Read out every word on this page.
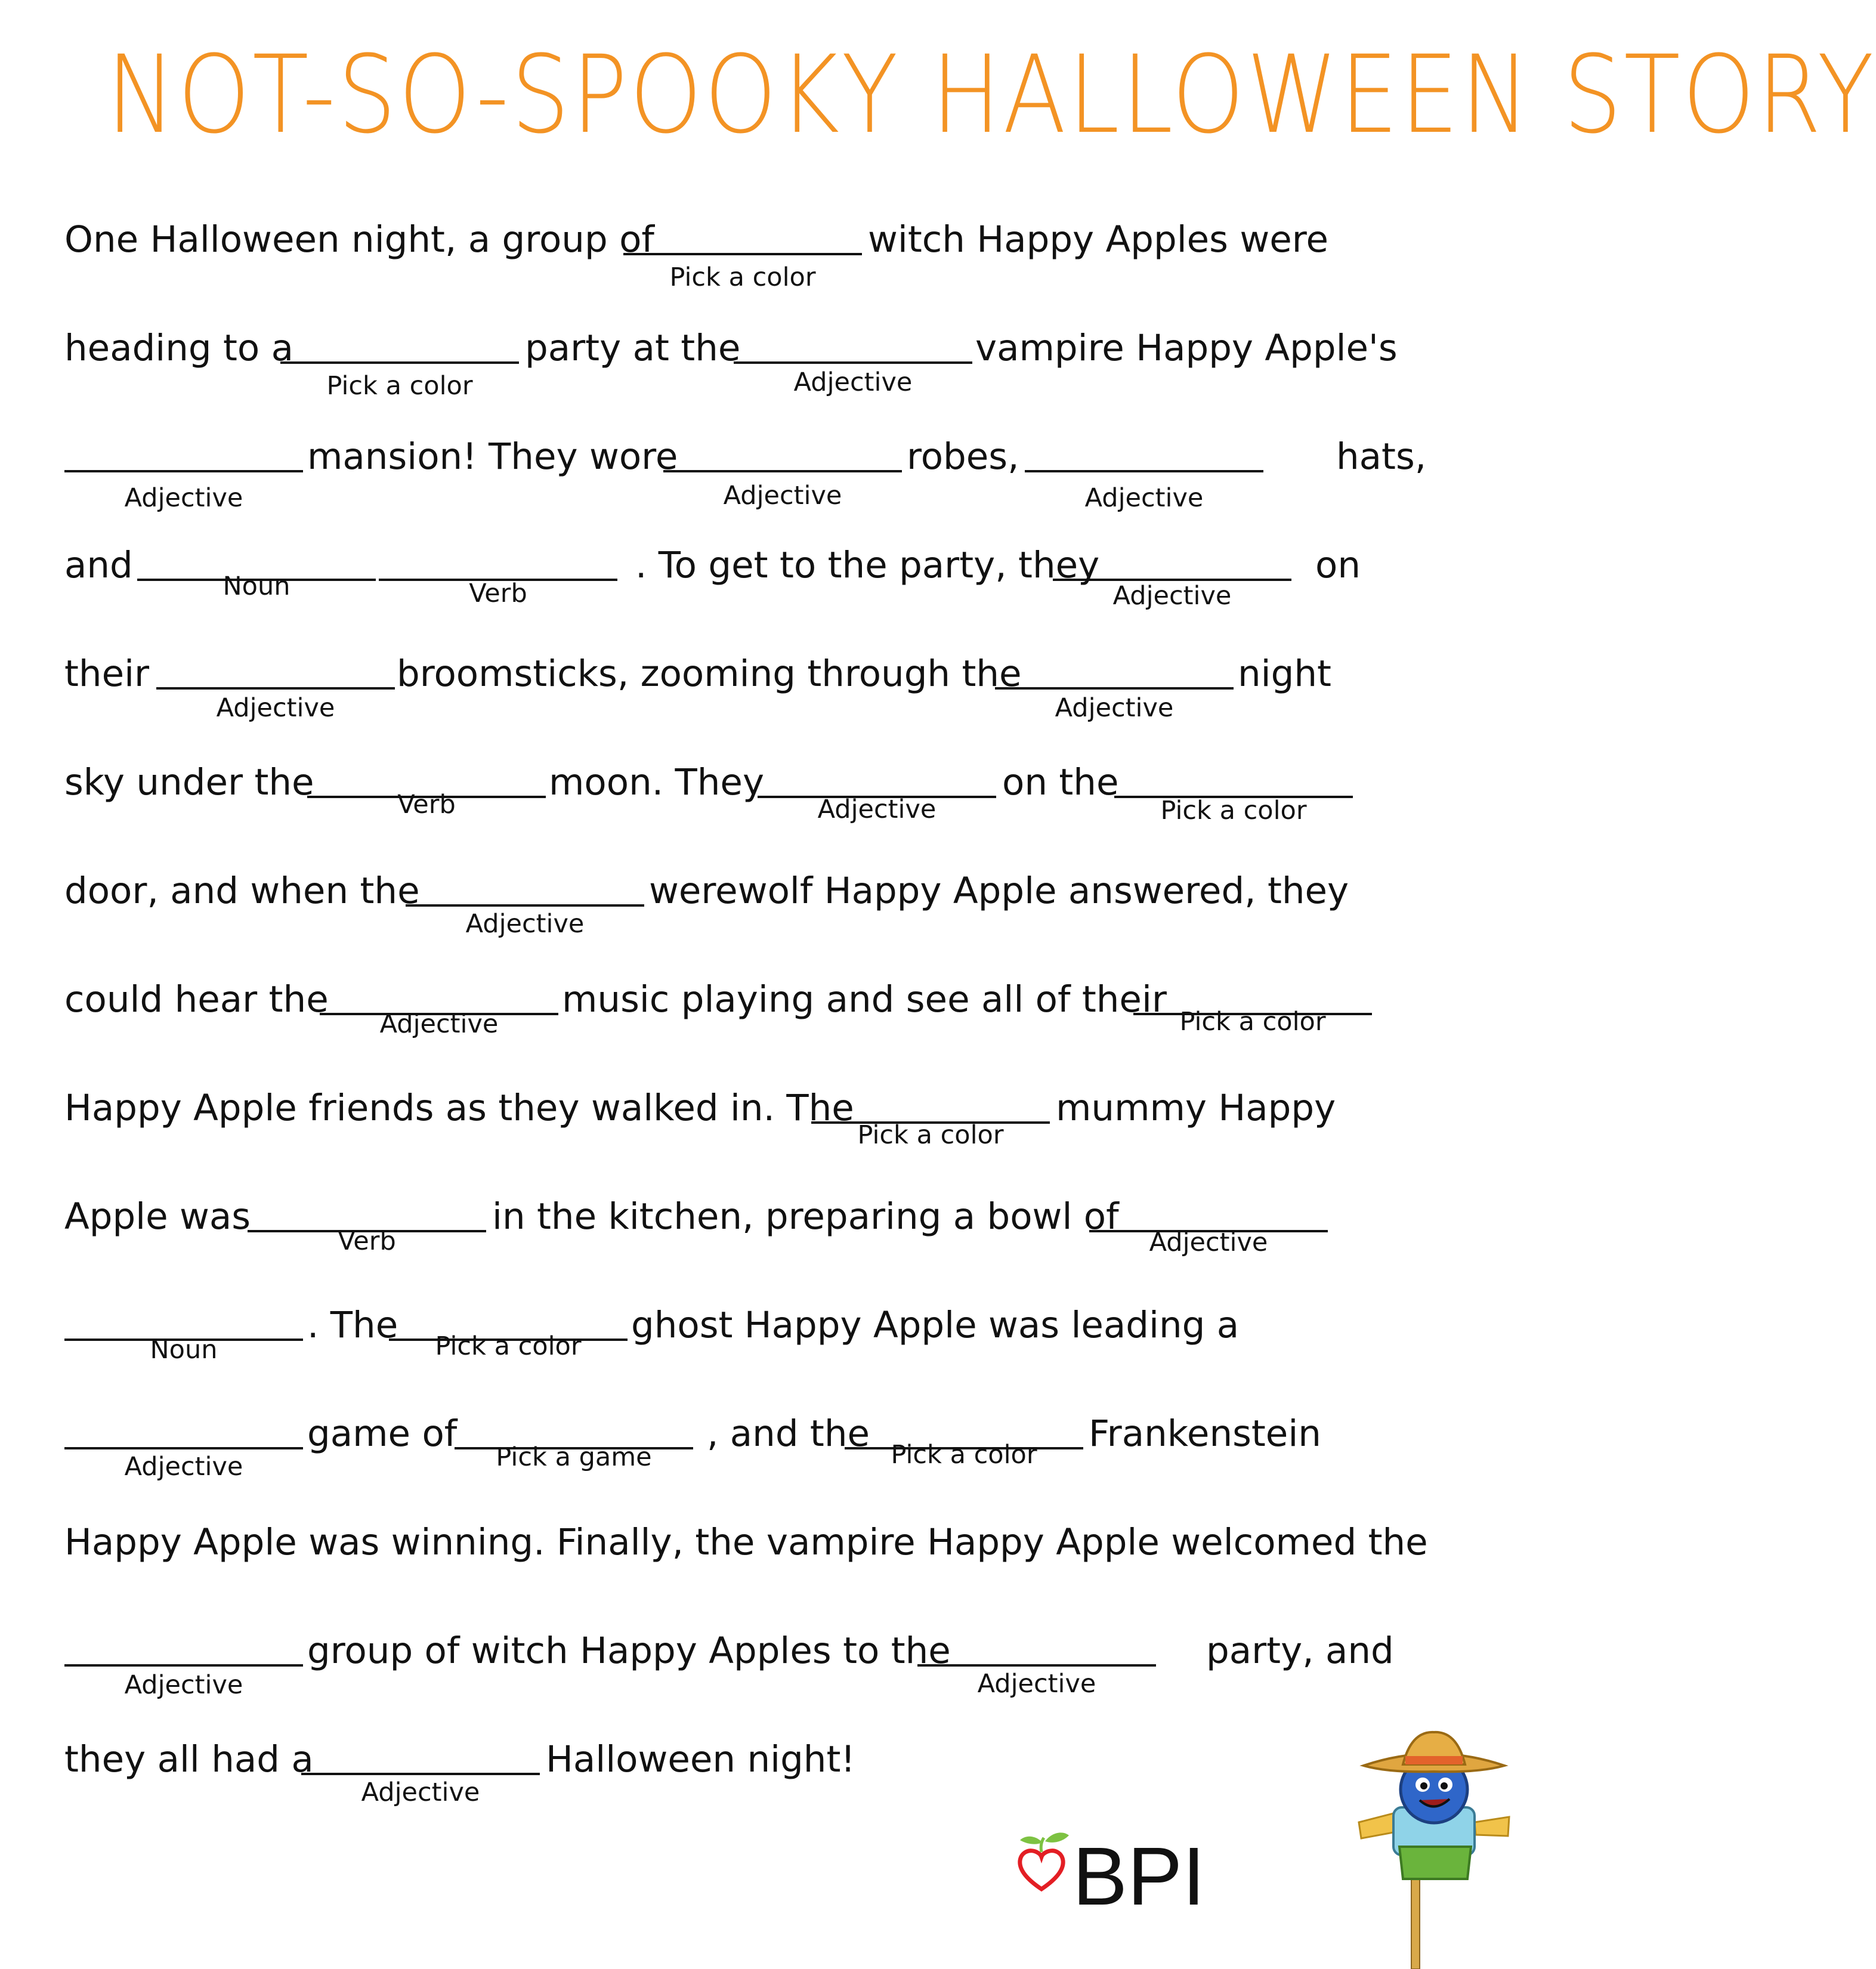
NOT-SO-SPOOKY HALLOWEEN STORY
One Halloween night, a group of	witch Happy Apples were
Pick a color
heading to a	party at the	vampire Happy Apple's
Pick a color	Adjective
mansion! They wore	robes,	hats,
Adjective	Adjective	Adjective
and	. To get to the party, they	on
Noun	Verb	Adjective
their	broomsticks, zooming through the	night
Adjective	Adjective
sky under the	moon. They	on the
Verb	Adjective	Pick a color
door, and when the	werewolf Happy Apple answered, they
Adjective
could hear the	music playing and see all of their
Adjective	Pick a color
Happy Apple friends as they walked in. The	mummy Happy
Pick a color
Apple was	in the kitchen, preparing a bowl of
Verb	Adjective
. The	ghost Happy Apple was leading a
Noun	Pick a color
game of	, and the	Frankenstein
Adjective	Pick a game	Pick a color
Happy Apple was winning. Finally, the vampire Happy Apple welcomed the
group of witch Happy Apples to the	party, and
Adjective	Adjective
they all had a	Halloween night!
Adjective
BPI
